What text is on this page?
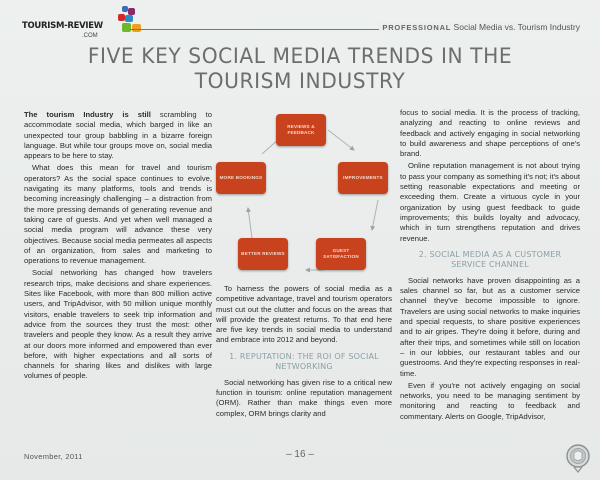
TOURISM-REVIEW
.COM
PROFESSIONAL Social Media vs. Tourism Industry
FIVE KEY SOCIAL MEDIA TRENDS IN THE
TOURISM INDUSTRY

The tourism Industry is still scrambling to accommodate social media, which barged in like an unexpected tour group babbling in a bizarre foreign language. But while tour groups move on, social media appears to be here to stay.

What does this mean for travel and tourism operators? As the social space continues to evolve, navigating its many platforms, tools and trends is becoming increasingly challenging – a distraction from the more pressing demands of generating revenue and taking care of guests. And yet when well managed a social media program will advance these very objectives. Because social media permeates all aspects of an organization, from sales and marketing to operations to revenue management.

Social networking has changed how travelers research trips, make decisions and share experiences. Sites like Facebook, with more than 800 million active users, and TripAdvisor, with 50 million unique monthly visitors, enable travelers to seek trip information and advice from the sources they trust the most: other travelers and people they know. As a result they arrive at our doors more informed and empowered than ever before, with higher expectations and all sorts of channels for sharing likes and dislikes with large volumes of people.

REVIEWS & FEEDBACK
IMPROVEMENTS
GUEST SATISFACTION
BETTER REVIEWS
MORE BOOKINGS

To harness the powers of social media as a competitive advantage, travel and tourism operators must cut out the clutter and focus on the areas that will provide the greatest returns. To that end here are five key trends in social media to understand and embrace into 2012 and beyond.

1. REPUTATION: THE ROI OF SOCIAL NETWORKING

Social networking has given rise to a critical new function in tourism: online reputation management (ORM). Rather than make things even more complex, ORM brings clarity and

focus to social media. It is the process of tracking, analyzing and reacting to online reviews and feedback and actively engaging in social networking to build awareness and shape perceptions of one's brand.

Online reputation management is not about trying to pass your company as something it's not; it's about setting reasonable expectations and meeting or exceeding them. Create a virtuous cycle in your organization by using guest feedback to guide improvements; this builds loyalty and advocacy, which in turn strengthens reputation and drives revenue.

2. SOCIAL MEDIA AS A CUSTOMER SERVICE CHANNEL

Social networks have proven disappointing as a sales channel so far, but as a customer service channel they've become impossible to ignore. Travelers are using social networks to make inquiries and special requests, to share positive experiences and to air gripes. They're doing it before, during and after their trips, and sometimes while still on location – in our lobbies, our restaurant tables and our guestrooms. And they're expecting responses in real-time.

Even if you're not actively engaging on social networks, you need to be managing sentiment by monitoring and reacting to feedback and commentary. Alerts on Google, TripAdvisor,

November, 2011	– 16 –
